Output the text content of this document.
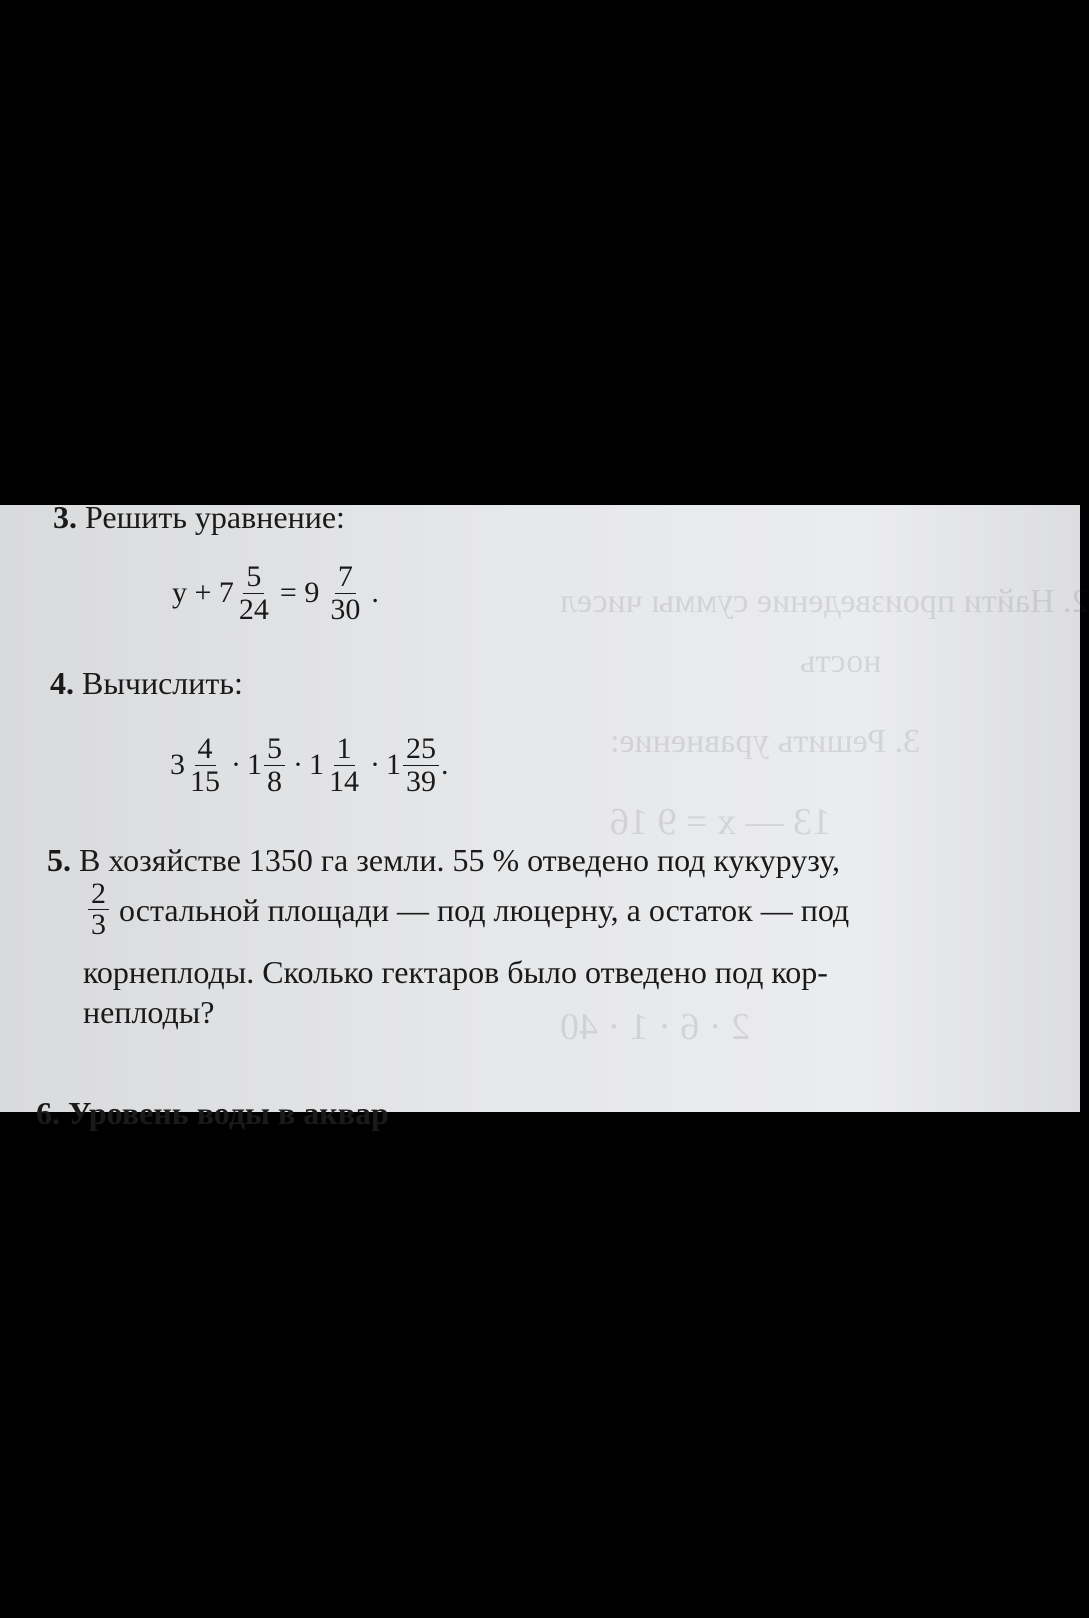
2. Найти произведение суммы чисел
ность
3. Решить уравнение:
13 — x = 9 16
2 · 6 · 1 · 40
3. Решить уравнение:
$y + 7 \frac{5}{24} = 9 \frac{7}{30}$ .
4. Вычислить:
$3 \frac{4}{15} \cdot 1 \frac{5}{8} \cdot 1 \frac{1}{14} \cdot 1 \frac{25}{39}$ .
5. В хозяйстве 1350 га земли. 55 % отведено под кукурузу,
$\frac{2}{3}$ остальной площади — под люцерну, а остаток — под
корнеплоды. Сколько гектаров было отведено под кор-
неплоды?
6. Уровень воды в аквар
